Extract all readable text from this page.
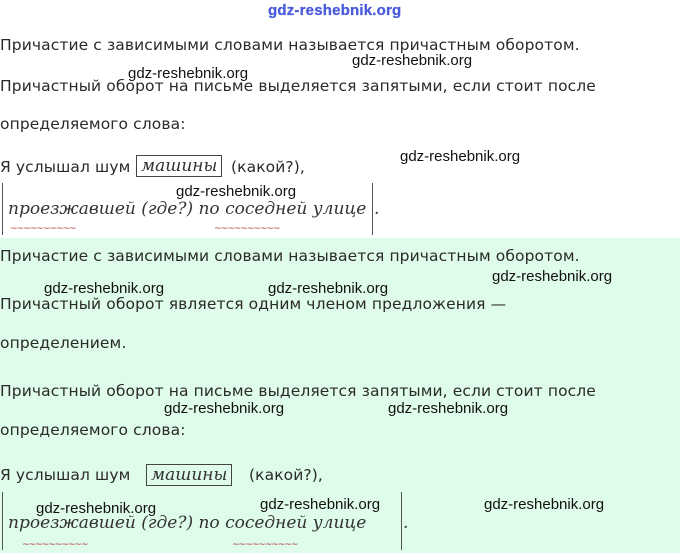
gdz-reshebnik.org
Причастие с зависимыми словами называется причастным оборотом.
Причастный оборот на письме выделяется запятыми, если стоит после
определяемого слова:
Я услышал шум машины (какой?),
проезжавшей (где?) по соседней улице .
~~~~~~~~~~	~~~~~~~~~~
Причастие с зависимыми словами называется причастным оборотом.
Причастный оборот является одним членом предложения —
определением.
Причастный оборот на письме выделяется запятыми, если стоит после
определяемого слова:
Я услышал шум машины	(какой?),
проезжавшей (где?) по соседней улице .
~~~~~~~~~~	~~~~~~~~~~
gdz-reshebnik.org
gdz-reshebnik.org
gdz-reshebnik.org
gdz-reshebnik.org
gdz-reshebnik.org
gdz-reshebnik.org	gdz-reshebnik.org
gdz-reshebnik.org	gdz-reshebnik.org
gdz-reshebnik.org	gdz-reshebnik.org	gdz-reshebnik.org
